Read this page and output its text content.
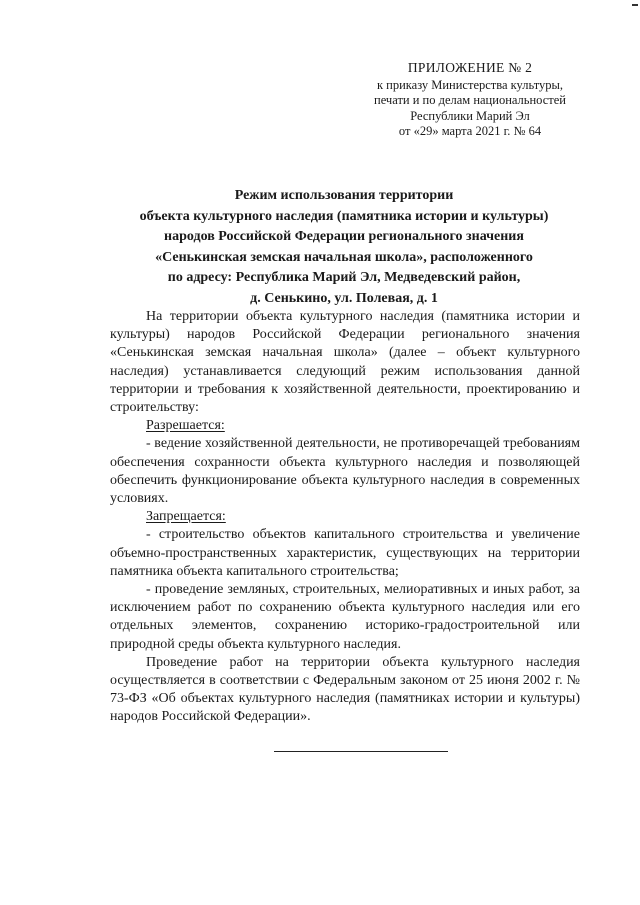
ПРИЛОЖЕНИЕ № 2
к приказу Министерства культуры,
печати и по делам национальностей
Республики Марий Эл
от «29» марта 2021 г. № 64
Режим использования территории
объекта культурного наследия (памятника истории и культуры)
народов Российской Федерации регионального значения
«Сенькинская земская начальная школа», расположенного
по адресу: Республика Марий Эл, Медведевский район,
д. Сенькино, ул. Полевая, д. 1

На территории объекта культурного наследия (памятника истории и культуры) народов Российской Федерации регионального значения «Сенькинская земская начальная школа» (далее – объект культурного наследия) устанавливается следующий режим использования данной территории и требования к хозяйственной деятельности, проектированию и строительству:

Разрешается:

- ведение хозяйственной деятельности, не противоречащей требованиям обеспечения сохранности объекта культурного наследия и позволяющей обеспечить функционирование объекта культурного наследия в современных условиях.

Запрещается:

- строительство объектов капитального строительства и увеличение объемно-пространственных характеристик, существующих на территории памятника объекта капитального строительства;

- проведение земляных, строительных, мелиоративных и иных работ, за исключением работ по сохранению объекта культурного наследия или его отдельных элементов, сохранению историко-градостроительной или природной среды объекта культурного наследия.

Проведение работ на территории объекта культурного наследия осуществляется в соответствии с Федеральным законом от 25 июня 2002 г. № 73-ФЗ «Об объектах культурного наследия (памятниках истории и культуры) народов Российской Федерации».
